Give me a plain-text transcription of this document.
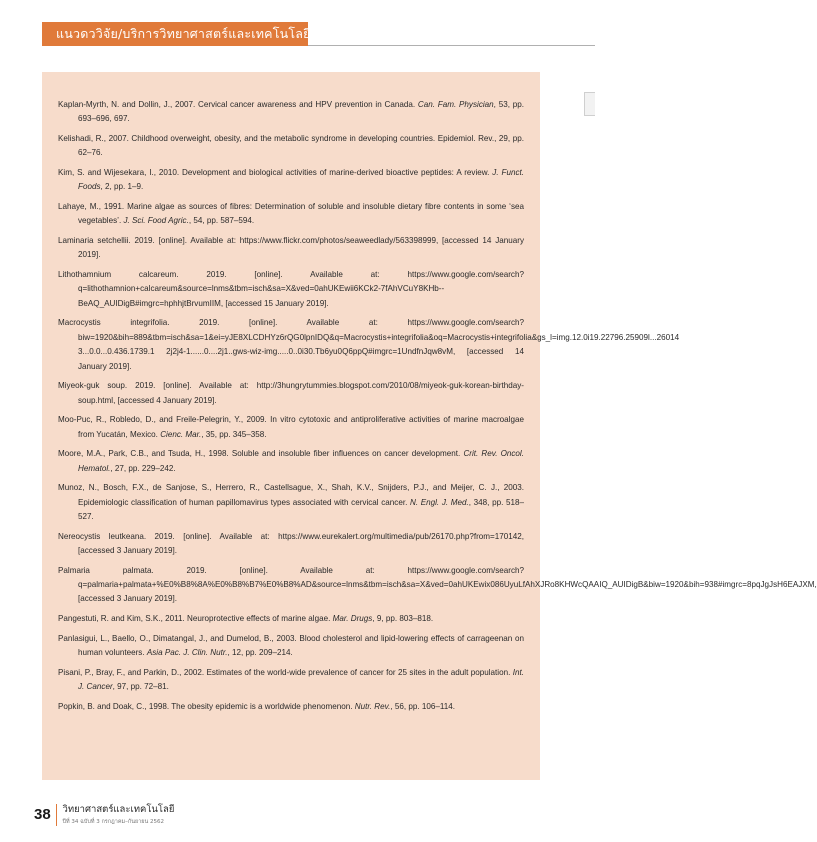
แนวดววิจัย/บริการวิทยาศาสตร์และเทคโนโลยี
Kaplan-Myrth, N. and Dollin, J., 2007. Cervical cancer awareness and HPV prevention in Canada. Can. Fam. Physician, 53, pp. 693–696, 697.
Kelishadi, R., 2007. Childhood overweight, obesity, and the metabolic syndrome in developing countries. Epidemiol. Rev., 29, pp. 62–76.
Kim, S. and Wijesekara, I., 2010. Development and biological activities of marine-derived bioactive peptides: A review. J. Funct. Foods, 2, pp. 1–9.
Lahaye, M., 1991. Marine algae as sources of fibres: Determination of soluble and insoluble dietary fibre contents in some ‘sea vegetables’. J. Sci. Food Agric., 54, pp. 587–594.
Laminaria setchellii. 2019. [online]. Available at: https://www.flickr.com/photos/seaweedlady/563398999, [accessed 14 January 2019].
Lithothamnium calcareum. 2019. [online]. Available at: https://www.google.com/search?q=lithothamnion+calcareum&source=lnms&tbm=isch&sa=X&ved=0ahUKEwii6KCk2-7fAhVCuY8KHb--BeAQ_AUIDigB#imgrc=hphhjtBrvumIIM, [accessed 15 January 2019].
Macrocystis integrifolia. 2019. [online]. Available at: https://www.google.com/search?biw=1920&bih=889&tbm=isch&sa=1&ei=yJE8XLCDHYz6rQG0lpnIDQ&q=Macrocystis+integrifolia&oq=Macrocystis+integrifolia&gs_l=img.12.0i19.22796.25909l...26014 3...0.0...0.436.1739.1 2j2j4-1......0....2j1..gws-wiz-img.....0..0i30.Tb6yu0Q6ppQ#imgrc=1UndfnJqw8vM, [accessed 14 January 2019].
Miyeok-guk soup. 2019. [online]. Available at: http://3hungrytummies.blogspot.com/2010/08/miyeok-guk-korean-birthday-soup.html, [accessed 4 January 2019].
Moo-Puc, R., Robledo, D., and Freile-Pelegrin, Y., 2009. In vitro cytotoxic and antiproliferative activities of marine macroalgae from Yucatán, Mexico. Cienc. Mar., 35, pp. 345–358.
Moore, M.A., Park, C.B., and Tsuda, H., 1998. Soluble and insoluble fiber influences on cancer development. Crit. Rev. Oncol. Hematol., 27, pp. 229–242.
Munoz, N., Bosch, F.X., de Sanjose, S., Herrero, R., Castellsague, X., Shah, K.V., Snijders, P.J., and Meijer, C. J., 2003. Epidemiologic classification of human papillomavirus types associated with cervical cancer. N. Engl. J. Med., 348, pp. 518–527.
Nereocystis leutkeana. 2019. [online]. Available at: https://www.eurekalert.org/multimedia/pub/26170.php?from=170142, [accessed 3 January 2019].
Palmaria palmata. 2019. [online]. Available at: https://www.google.com/search?q=palmaria+palmata+%E0%B8%8A%E0%B8%B7%E0%B8%AD&source=lnms&tbm=isch&sa=X&ved=0ahUKEwix086UyuLfAhXJRo8KHWcQAAIQ_AUIDigB&biw=1920&bih=938#imgrc=8pqJgJsH6EAJXM, [accessed 3 January 2019].
Pangestuti, R. and Kim, S.K., 2011. Neuroprotective effects of marine algae. Mar. Drugs, 9, pp. 803–818.
Panlasigui, L., Baello, O., Dimatangal, J., and Dumelod, B., 2003. Blood cholesterol and lipid-lowering effects of carrageenan on human volunteers. Asia Pac. J. Clin. Nutr., 12, pp. 209–214.
Pisani, P., Bray, F., and Parkin, D., 2002. Estimates of the world-wide prevalence of cancer for 25 sites in the adult population. Int. J. Cancer, 97, pp. 72–81.
Popkin, B. and Doak, C., 1998. The obesity epidemic is a worldwide phenomenon. Nutr. Rev., 56, pp. 106–114.
38 วิทยาศาสตร์และเทคโนโลยี
ปีที่ 34 ฉบับที่ 3 กรกฎาคม–กันยายน 2562
